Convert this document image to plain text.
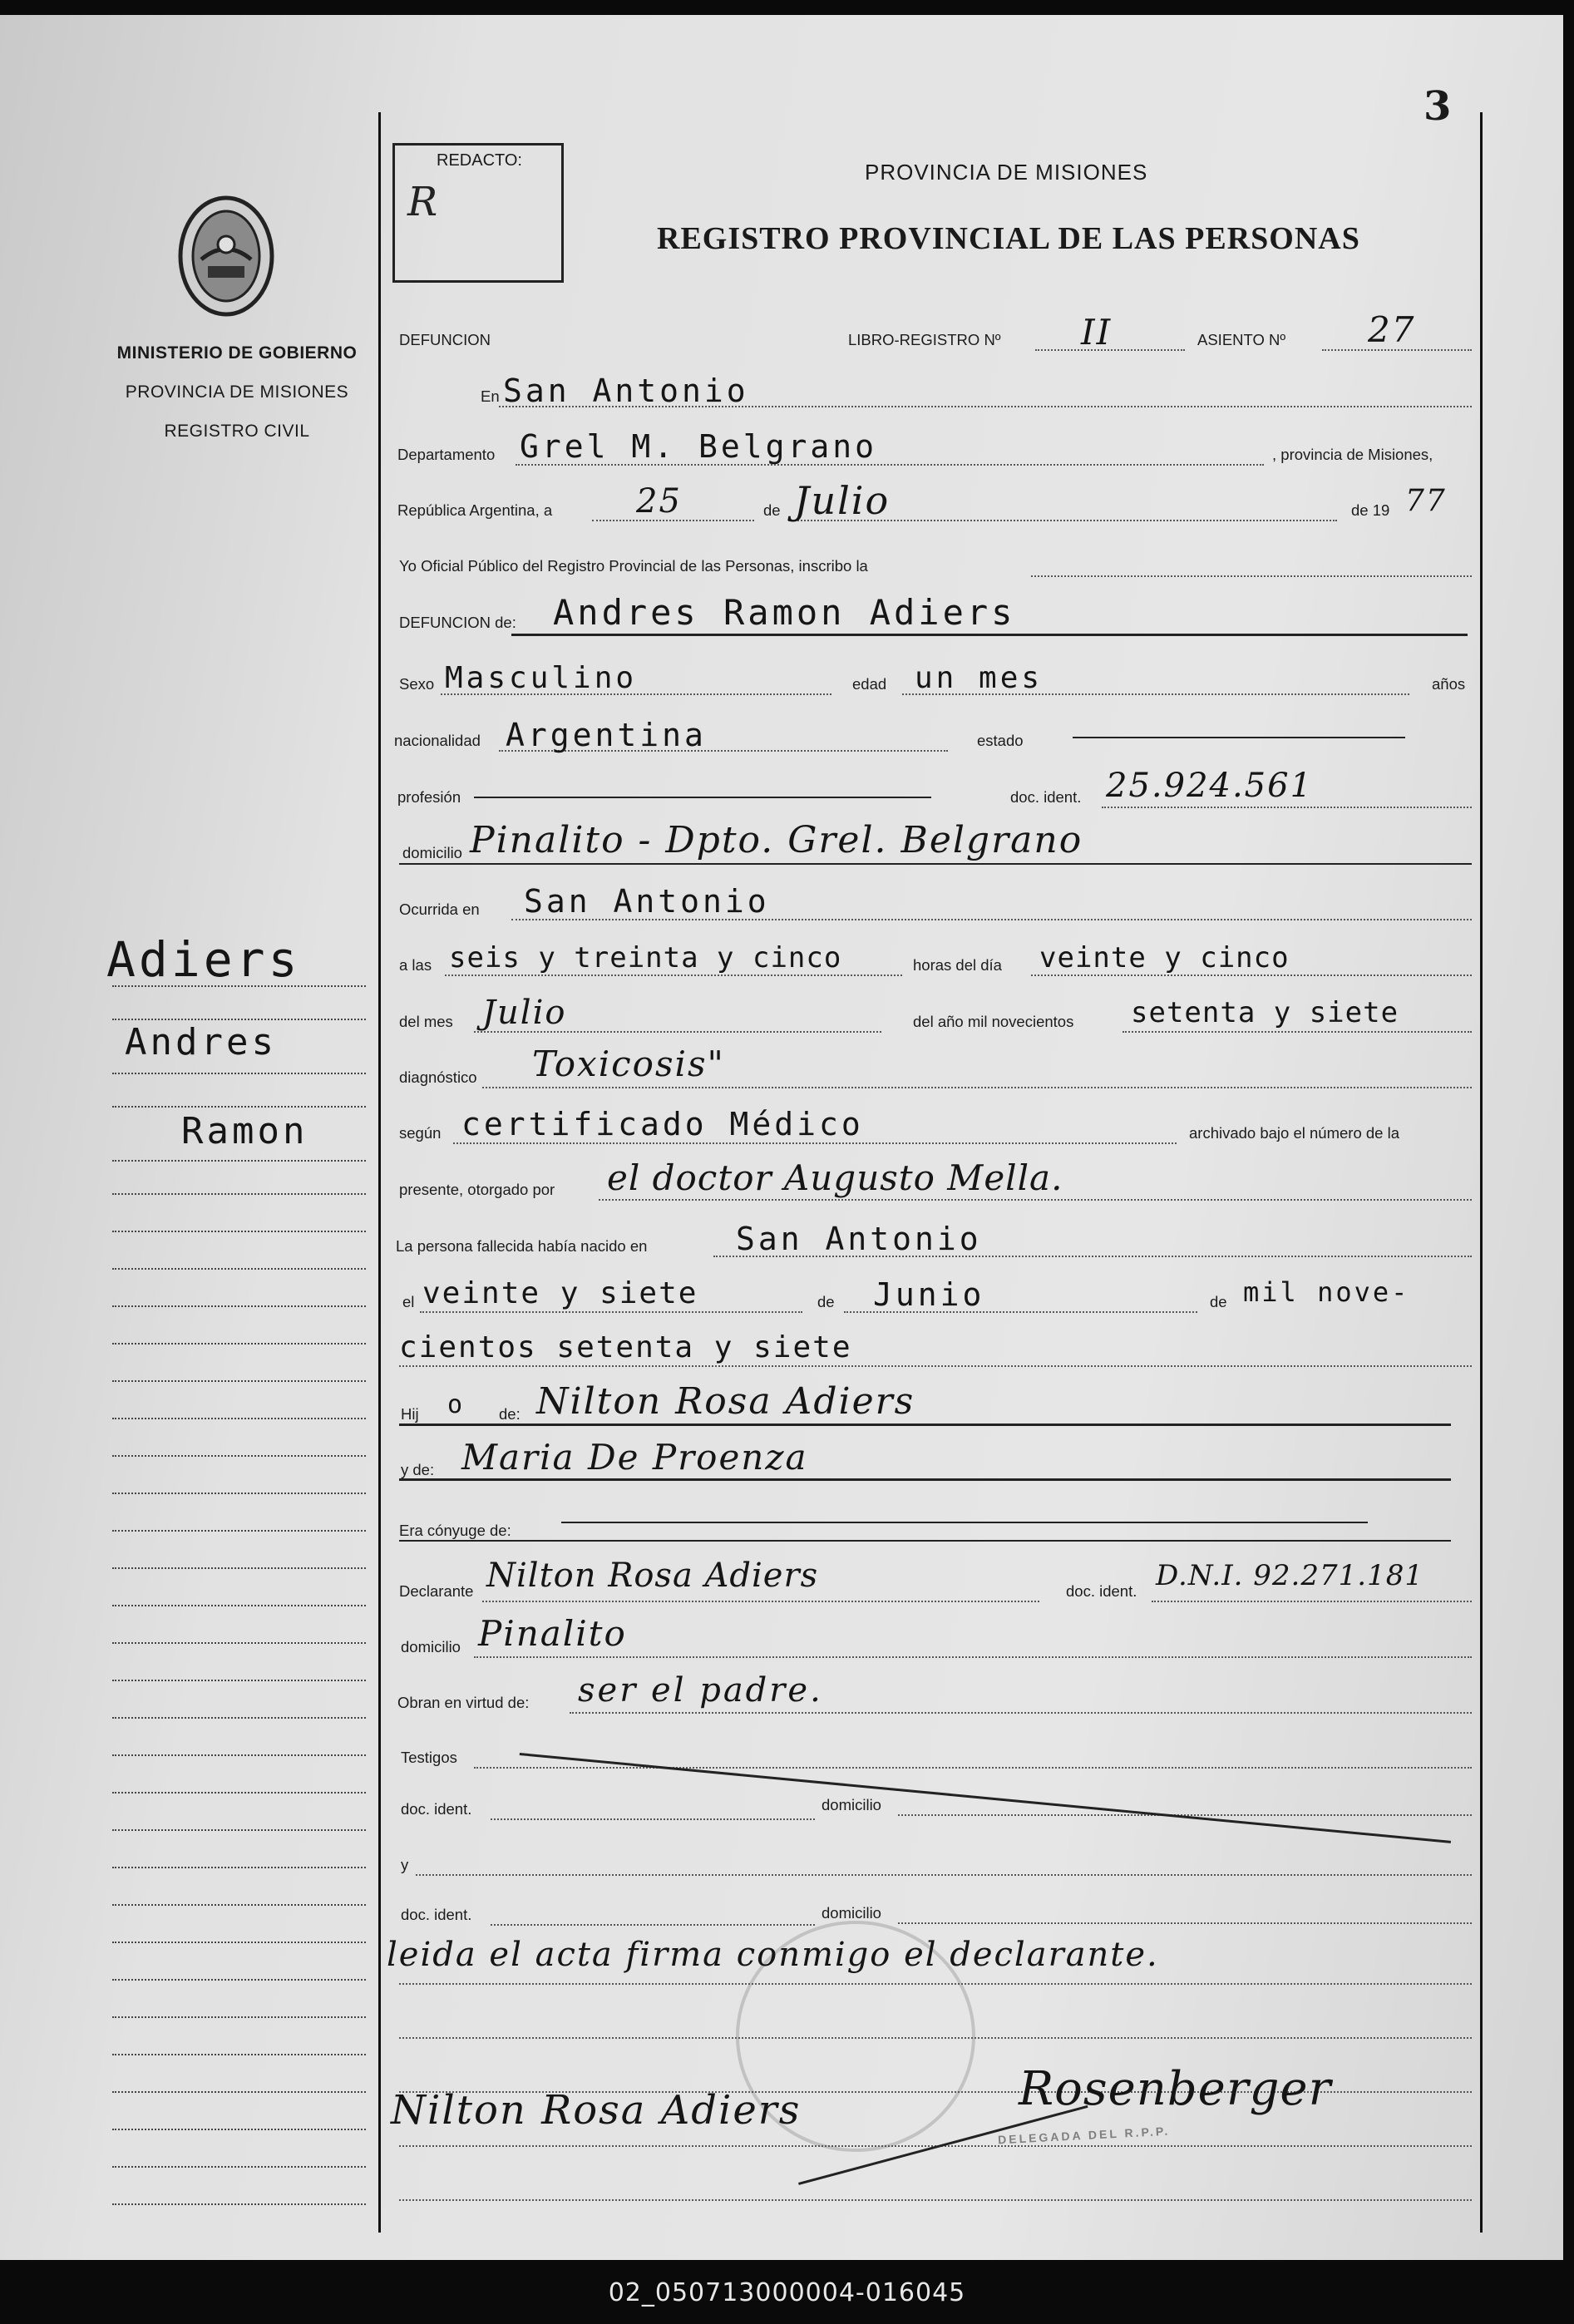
3
REDACTO:
R
PROVINCIA DE MISIONES
REGISTRO PROVINCIAL DE LAS PERSONAS
MINISTERIO DE GOBIERNO
PROVINCIA DE MISIONES
REGISTRO CIVIL
Adiers
Andres
Ramon
DEFUNCION	LIBRO-REGISTRO Nº II	ASIENTO Nº 27
En San Antonio
Departamento Grel M. Belgrano	, provincia de Misiones,
República Argentina, a	25	de Julio	de 19 77
Yo Oficial Público del Registro Provincial de las Personas, inscribo la
DEFUNCION de: Andres Ramon Adiers
Sexo Masculino	edad un mes	años
nacionalidad Argentina	estado
profesión	doc. ident. 25.924.561
domicilio Pinalito - Dpto. Grel. Belgrano
Ocurrida en San Antonio
a las seis y treinta y cinco	horas del día veinte y cinco
del mes Julio	del año mil novecientos setenta y siete
diagnóstico Toxicosis"
según certificado Médico	archivado bajo el número de la
presente, otorgado por el doctor Augusto Mella.
La persona fallecida había nacido en	San Antonio
el veinte y siete	de Junio	de mil nove-
cientos setenta y siete
Hij o de: Nilton Rosa Adiers
y de: Maria De Proenza
Era cónyuge de:
Declarante Nilton Rosa Adiers	doc. ident. D.N.I. 92.271.181
domicilio Pinalito
Obran en virtud de: ser el padre.
Testigos
doc. ident.	domicilio
y
doc. ident.	domicilio
leida el acta firma conmigo el declarante.
Nilton Rosa Adiers	Rosenberger
DELEGADA DEL R.P.P.
02_050713000004-016045
